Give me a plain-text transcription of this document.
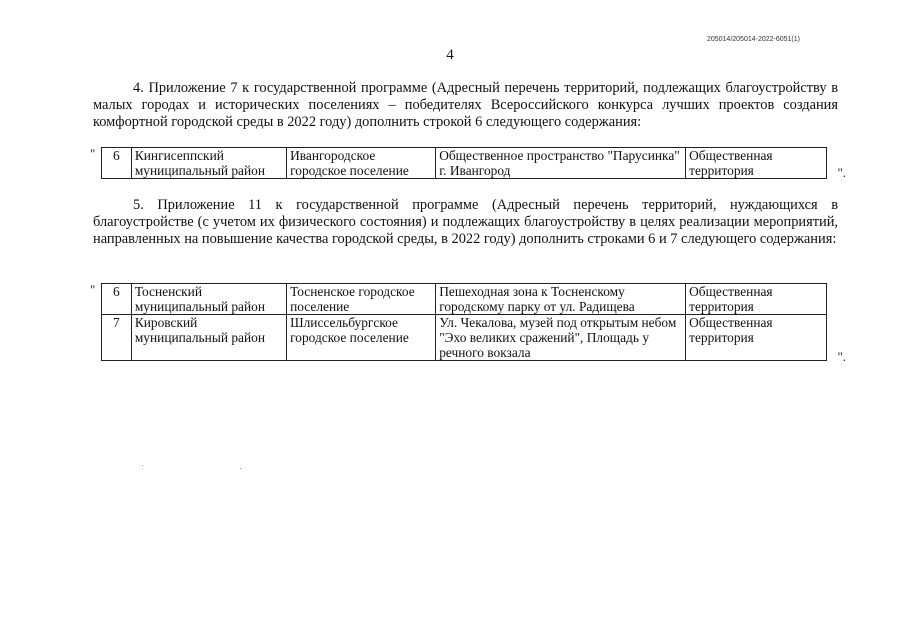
205014/205014-2022-6051(1)
4
4. Приложение 7 к государственной программе (Адресный перечень территорий, подлежащих благоустройству в малых городах и исторических поселениях – победителях Всероссийского конкурса лучших проектов создания комфортной городской среды в 2022 году) дополнить строкой 6 следующего содержания:
" 6	Кингисеппский муниципальный район	Ивангородское городское поселение	Общественное пространство "Парусинка" г. Ивангород	Общественная территория	".
5. Приложение 11 к государственной программе (Адресный перечень территорий, нуждающихся в благоустройстве (с учетом их физического состояния) и подлежащих благоустройству в целях реализации мероприятий, направленных на повышение качества городской среды, в 2022 году) дополнить строками 6 и 7 следующего содержания:
" 6	Тосненский муниципальный район	Тосненское городское поселение	Пешеходная зона к Тосненскому городскому парку от ул. Радищева	Общественная территория
7	Кировский муниципальный район	Шлиссельбургское городское поселение	Ул. Чекалова, музей под открытым небом "Эхо великих сражений", Площадь у речного вокзала	Общественная территория
".
